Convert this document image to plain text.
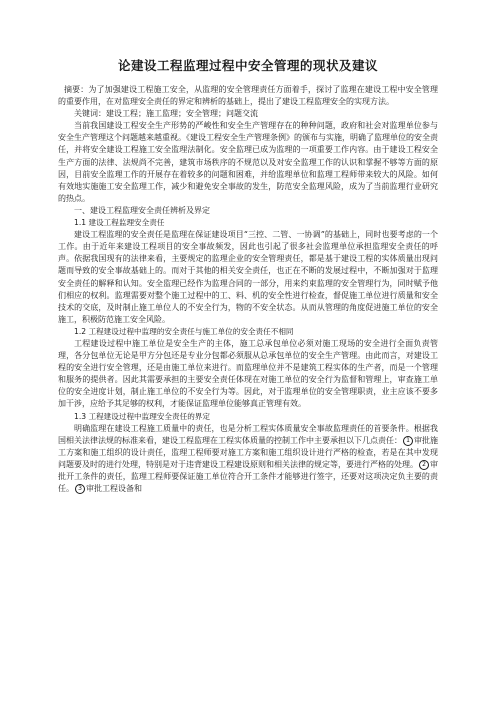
论建设工程监理过程中安全管理的现状及建议

摘要：为了加强建设工程施工安全，从监理的安全管理责任方面着手，探讨了监理在建设工程中安全管理的重要作用，在对监理安全责任的界定和辨析的基础上，提出了建设工程监理安全的实现方法。

关键词：建设工程；施工监理；安全管理；问题交流

当前我国建设工程安全生产形势的严峻性和安全生产管理存在的种种问题，政府和社会对监理单位参与安全生产管理这个问题越来越重视。《建设工程安全生产管理条例》的颁布与实施，明确了监理单位的安全责任，并将安全建设工程施工安全监理法制化。安全监理已成为监理的一项重要工作内容。由于建设工程安全生产方面的法律、法规尚不完善，建筑市场秩序的不规范以及对安全监理工作的认识和掌握不够等方面的原因，目前安全监理工作的开展存在着较多的问题和困难，并给监理单位和监理工程师带来较大的风险。如何有效地实施施工安全监理工作，减少和避免安全事故的发生，防范安全监理风险，成为了当前监理行业研究的热点。

一、建设工程监理安全责任辨析及界定

1.1 建设工程监理安全责任

建设工程监理的安全责任是监理在保证建设项目“三控、二管、一协调”的基础上，同时也要考虑的一个工作。由于近年来建设工程项目的安全事故频发，因此也引起了很多社会监理单位承担监理安全责任的呼声。依据我国现有的法律来看，主要规定的监理企业的安全管理责任，都是基于建设工程的实体质量出现问题而导致的安全事故基础上的。而对于其他的相关安全责任，也正在不断的发展过程中，不断加强对于监理安全责任的解释和认知。安全监理已经作为监理合同的一部分，用来约束监理的安全管理行为，同时赋予他们相应的权利。监理需要对整个施工过程中的工、料、机的安全性进行检查，督促施工单位进行质量和安全技术的交底，及时制止施工单位人的不安全行为，物的不安全状态。从而从管理的角度促进施工单位的安全施工，积极防范施工安全风险。

1.2 工程建设过程中监理的安全责任与施工单位的安全责任不相同

工程建设过程中施工单位是安全生产的主体，施工总承包单位必须对施工现场的安全进行全面负责管理，各分包单位无论是甲方分包还是专业分包都必须服从总承包单位的安全生产管理。由此而言，对建设工程的安全进行安全管理，还是由施工单位来进行。而监理单位并不是建筑工程实体的生产者，而是一个管理和服务的提供者。因此其需要承担的主要安全责任体现在对施工单位的安全行为监督和管理上，审查施工单位的安全进度计划，制止施工单位的不安全行为等。因此，对于监理单位的安全管理职责，业主应该不要多加干涉，应给予其足够的权利，才能保证监理单位能够真正管理有效。

1.3 工程建设过程中监理安全责任的界定

明确监理在建设工程施工质量中的责任，也是分析工程实体质量安全事故监理责任的首要条件。根据我国相关法律法规的标准来看，建设工程监理在工程实体质量的控制工作中主要承担以下几点责任： 1 审批施工方案和施工组织的设计责任，监理工程师要对施工方案和施工组织设计进行严格的检查，若是在其中发现问题要及时的进行处理，特别是对于违背建设工程建设原则和相关法律的规定等，要进行严格的处理。 2 审批开工条件的责任，监理工程师要保证施工单位符合开工条件才能够进行签字，还要对这项决定负主要的责任。 3 审批工程设备和
